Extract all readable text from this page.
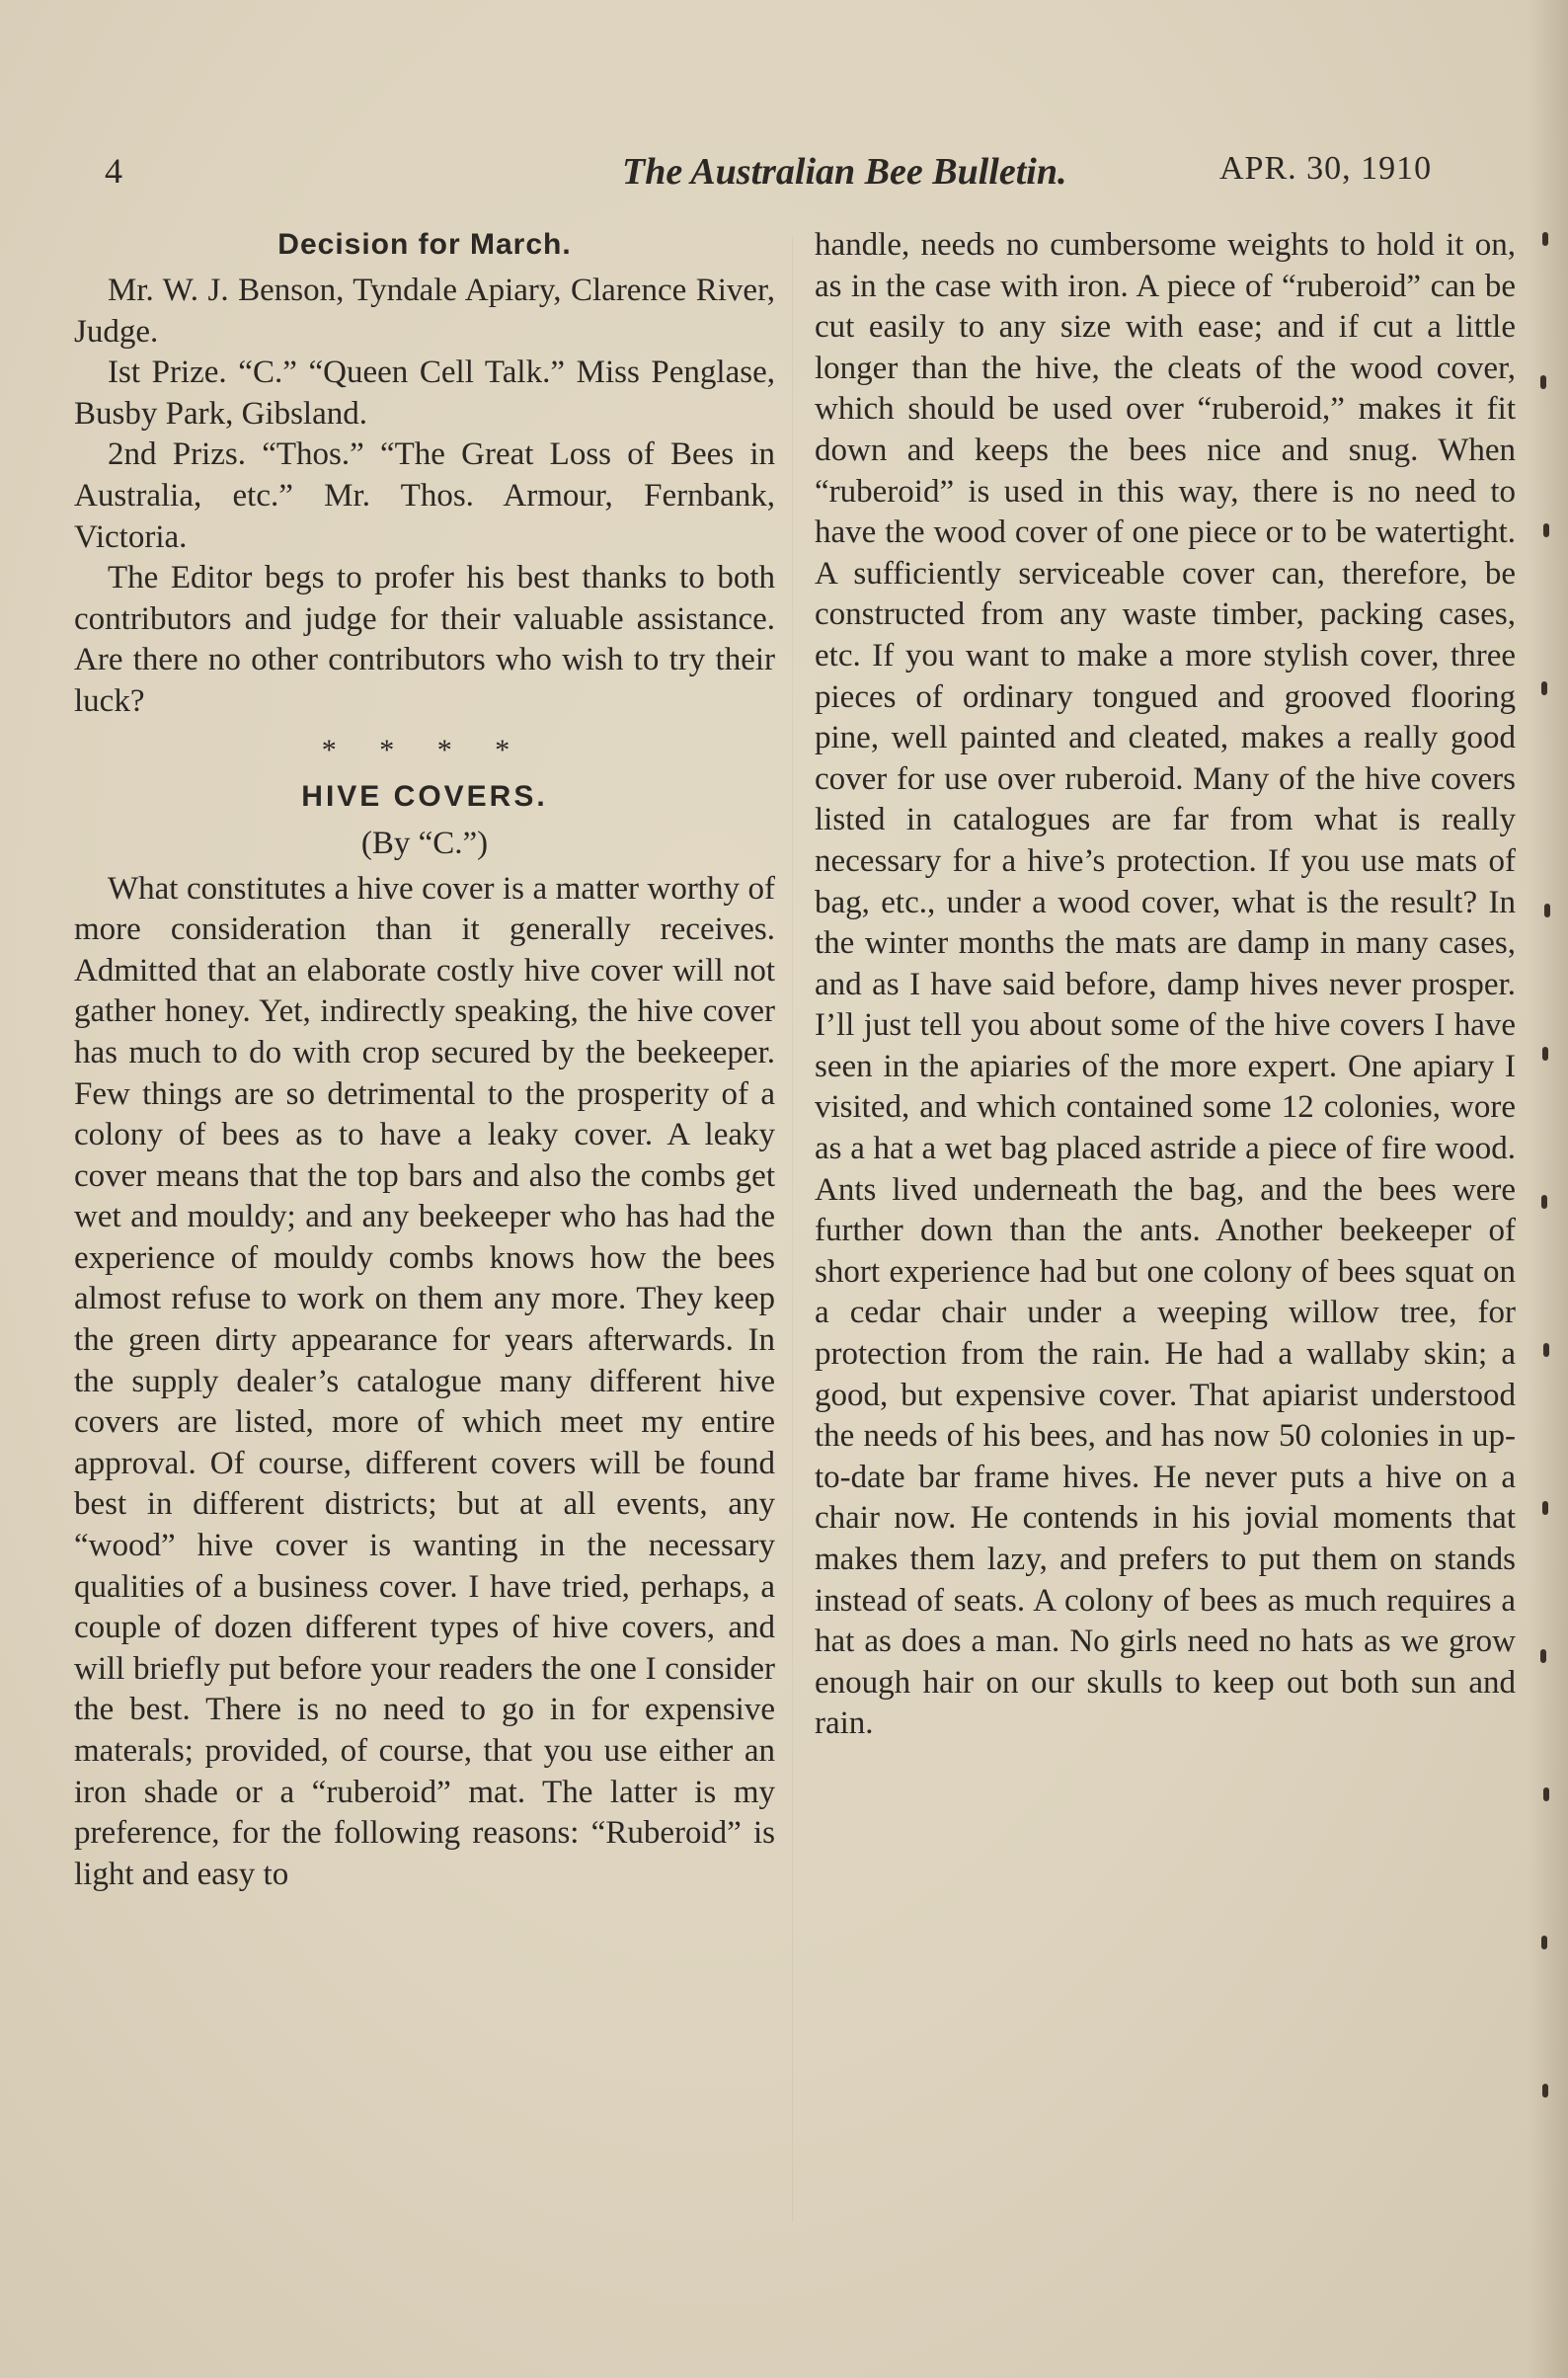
4	The Australian Bee Bulletin.	APR. 30, 1910
Decision for March.

Mr. W. J. Benson, Tyndale Apiary, Clarence River, Judge.

Ist Prize. “C.” “Queen Cell Talk.” Miss Penglase, Busby Park, Gibsland.

2nd Prizs. “Thos.” “The Great Loss of Bees in Australia, etc.” Mr. Thos. Armour, Fernbank, Victoria.

The Editor begs to profer his best thanks to both contributors and judge for their valuable assistance. Are there no other contributors who wish to try their luck?

* * * *
HIVE COVERS.
(By “C.”)

What constitutes a hive cover is a matter worthy of more consideration than it generally receives. Admitted that an elaborate costly hive cover will not gather honey. Yet, indirectly speaking, the hive cover has much to do with crop secured by the beekeeper. Few things are so detrimental to the prosperity of a colony of bees as to have a leaky cover. A leaky cover means that the top bars and also the combs get wet and mouldy; and any beekeeper who has had the experience of mouldy combs knows how the bees almost refuse to work on them any more. They keep the green dirty appearance for years afterwards. In the supply dealer’s catalogue many different hive covers are listed, more of which meet my entire approval. Of course, different covers will be found best in different districts; but at all events, any “wood” hive cover is wanting in the necessary qualities of a business cover. I have tried, perhaps, a couple of dozen different types of hive covers, and will briefly put before your readers the one I consider the best. There is no need to go in for expensive materals; provided, of course, that you use either an iron shade or a “ruberoid” mat. The latter is my preference, for the following reasons: “Ruberoid” is light and easy to

handle, needs no cumbersome weights to hold it on, as in the case with iron. A piece of “ruberoid” can be cut easily to any size with ease; and if cut a little longer than the hive, the cleats of the wood cover, which should be used over “ruberoid,” makes it fit down and keeps the bees nice and snug. When “ruberoid” is used in this way, there is no need to have the wood cover of one piece or to be watertight. A sufficiently serviceable cover can, therefore, be constructed from any waste timber, packing cases, etc. If you want to make a more stylish cover, three pieces of ordinary tongued and grooved flooring pine, well painted and cleated, makes a really good cover for use over ruberoid. Many of the hive covers listed in catalogues are far from what is really necessary for a hive’s protection. If you use mats of bag, etc., under a wood cover, what is the result? In the winter months the mats are damp in many cases, and as I have said before, damp hives never prosper. I’ll just tell you about some of the hive covers I have seen in the apiaries of the more expert. One apiary I visited, and which contained some 12 colonies, wore as a hat a wet bag placed astride a piece of fire wood. Ants lived underneath the bag, and the bees were further down than the ants. Another beekeeper of short experience had but one colony of bees squat on a cedar chair under a weeping willow tree, for protection from the rain. He had a wallaby skin; a good, but expensive cover. That apiarist understood the needs of his bees, and has now 50 colonies in up-to-date bar frame hives. He never puts a hive on a chair now. He contends in his jovial moments that makes them lazy, and prefers to put them on stands instead of seats. A colony of bees as much requires a hat as does a man. No girls need no hats as we grow enough hair on our skulls to keep out both sun and rain.
